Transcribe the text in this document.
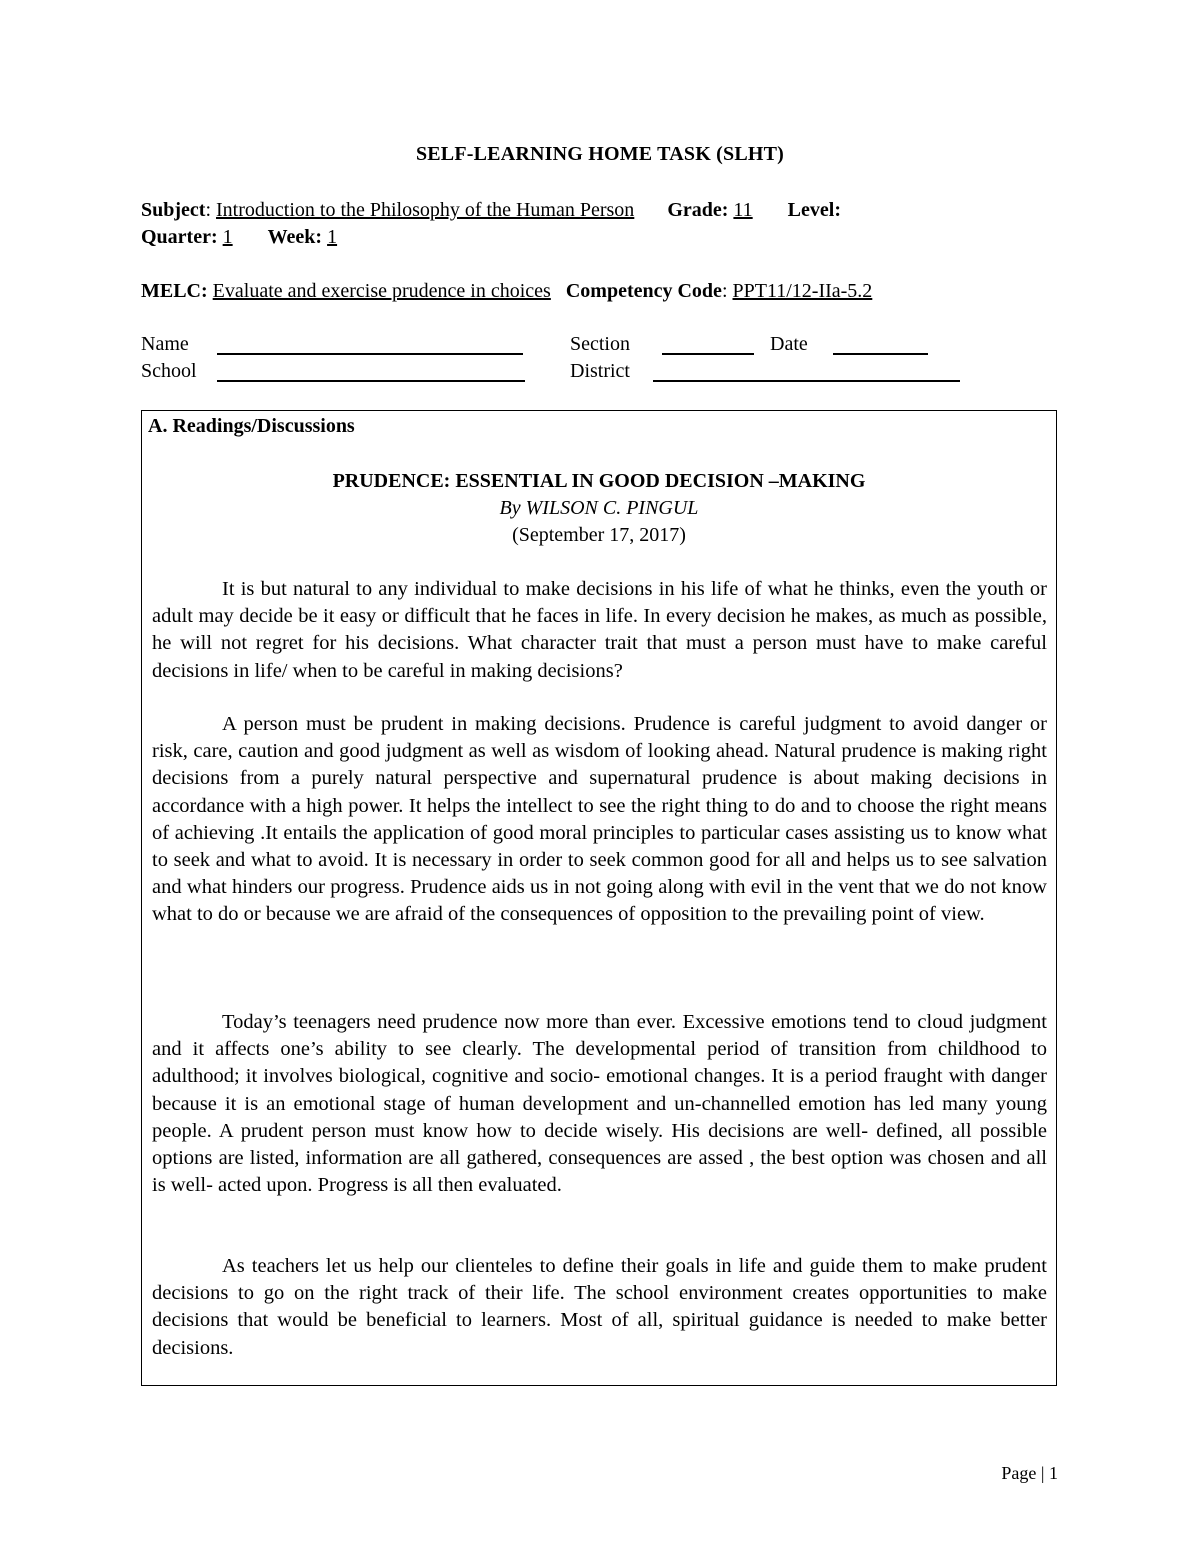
SELF-LEARNING HOME TASK (SLHT)
Subject: Introduction to the Philosophy of the Human Person Grade: 11 Level:
Quarter: 1 Week: 1
MELC: Evaluate and exercise prudence in choices Competency Code: PPT11/12-IIa-5.2
Name	Section	Date
School	District
A. Readings/Discussions
PRUDENCE: ESSENTIAL IN GOOD DECISION –MAKING
By WILSON C. PINGUL
(September 17, 2017)
It is but natural to any individual to make decisions in his life of what he thinks, even the youth or adult may decide be it easy or difficult that he faces in life. In every decision he makes, as much as possible, he will not regret for his decisions. What character trait that must a person must have to make careful decisions in life/ when to be careful in making decisions?
A person must be prudent in making decisions. Prudence is careful judgment to avoid danger or risk, care, caution and good judgment as well as wisdom of looking ahead. Natural prudence is making right decisions from a purely natural perspective and supernatural prudence is about making decisions in accordance with a high power. It helps the intellect to see the right thing to do and to choose the right means of achieving .It entails the application of good moral principles to particular cases assisting us to know what to seek and what to avoid. It is necessary in order to seek common good for all and helps us to see salvation and what hinders our progress. Prudence aids us in not going along with evil in the vent that we do not know what to do or because we are afraid of the consequences of opposition to the prevailing point of view.
Today’s teenagers need prudence now more than ever. Excessive emotions tend to cloud judgment and it affects one’s ability to see clearly. The developmental period of transition from childhood to adulthood; it involves biological, cognitive and socio- emotional changes. It is a period fraught with danger because it is an emotional stage of human development and un-channelled emotion has led many young people. A prudent person must know how to decide wisely. His decisions are well- defined, all possible options are listed, information are all gathered, consequences are assed , the best option was chosen and all is well- acted upon. Progress is all then evaluated.
As teachers let us help our clienteles to define their goals in life and guide them to make prudent decisions to go on the right track of their life. The school environment creates opportunities to make decisions that would be beneficial to learners. Most of all, spiritual guidance is needed to make better decisions.
Page | 1
